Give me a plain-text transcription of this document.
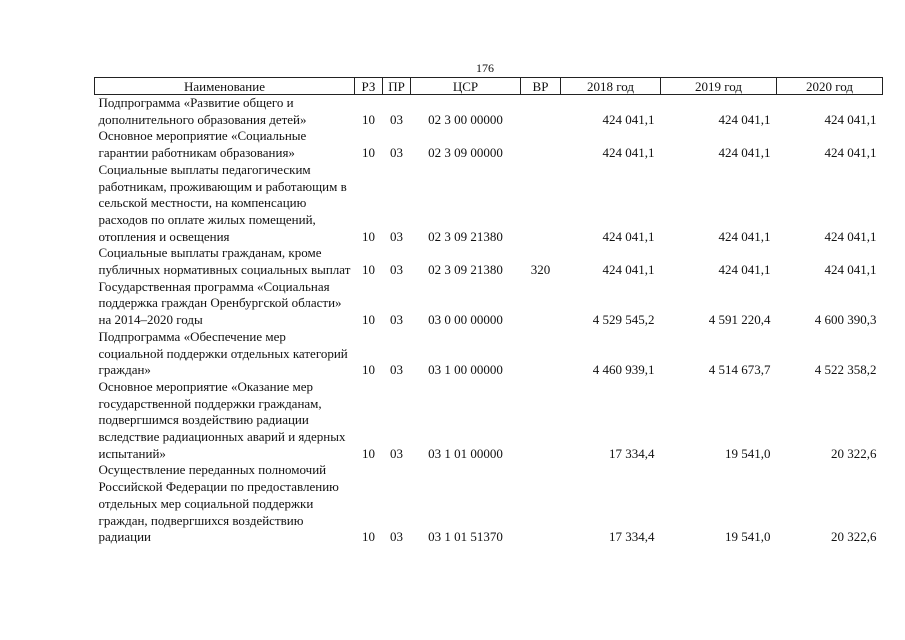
176
Наименование	РЗ	ПР	ЦСР	ВР	2018 год	2019 год	2020 год
Подпрограмма «Развитие общего и дополнительного образования детей»	10	03	02 3 00 00000		424 041,1	424 041,1	424 041,1
Основное мероприятие «Социальные гарантии работникам образования»	10	03	02 3 09 00000		424 041,1	424 041,1	424 041,1
Социальные выплаты педагогическим работникам, проживающим и работающим в сельской местности, на компенсацию расходов по оплате жилых помещений, отопления и освещения	10	03	02 3 09 21380		424 041,1	424 041,1	424 041,1
Социальные выплаты гражданам, кроме публичных нормативных социальных выплат	10	03	02 3 09 21380	320	424 041,1	424 041,1	424 041,1
Государственная программа «Социальная поддержка граждан Оренбургской области» на 2014–2020 годы	10	03	03 0 00 00000		4 529 545,2	4 591 220,4	4 600 390,3
Подпрограмма «Обеспечение мер социальной поддержки отдельных категорий граждан»	10	03	03 1 00 00000		4 460 939,1	4 514 673,7	4 522 358,2
Основное мероприятие «Оказание мер государственной поддержки гражданам, подвергшимся воздействию радиации вследствие радиационных аварий и ядерных испытаний»	10	03	03 1 01 00000		17 334,4	19 541,0	20 322,6
Осуществление переданных полномочий Российской Федерации по предоставлению отдельных мер социальной поддержки граждан, подвергшихся воздействию радиации	10	03	03 1 01 51370		17 334,4	19 541,0	20 322,6
